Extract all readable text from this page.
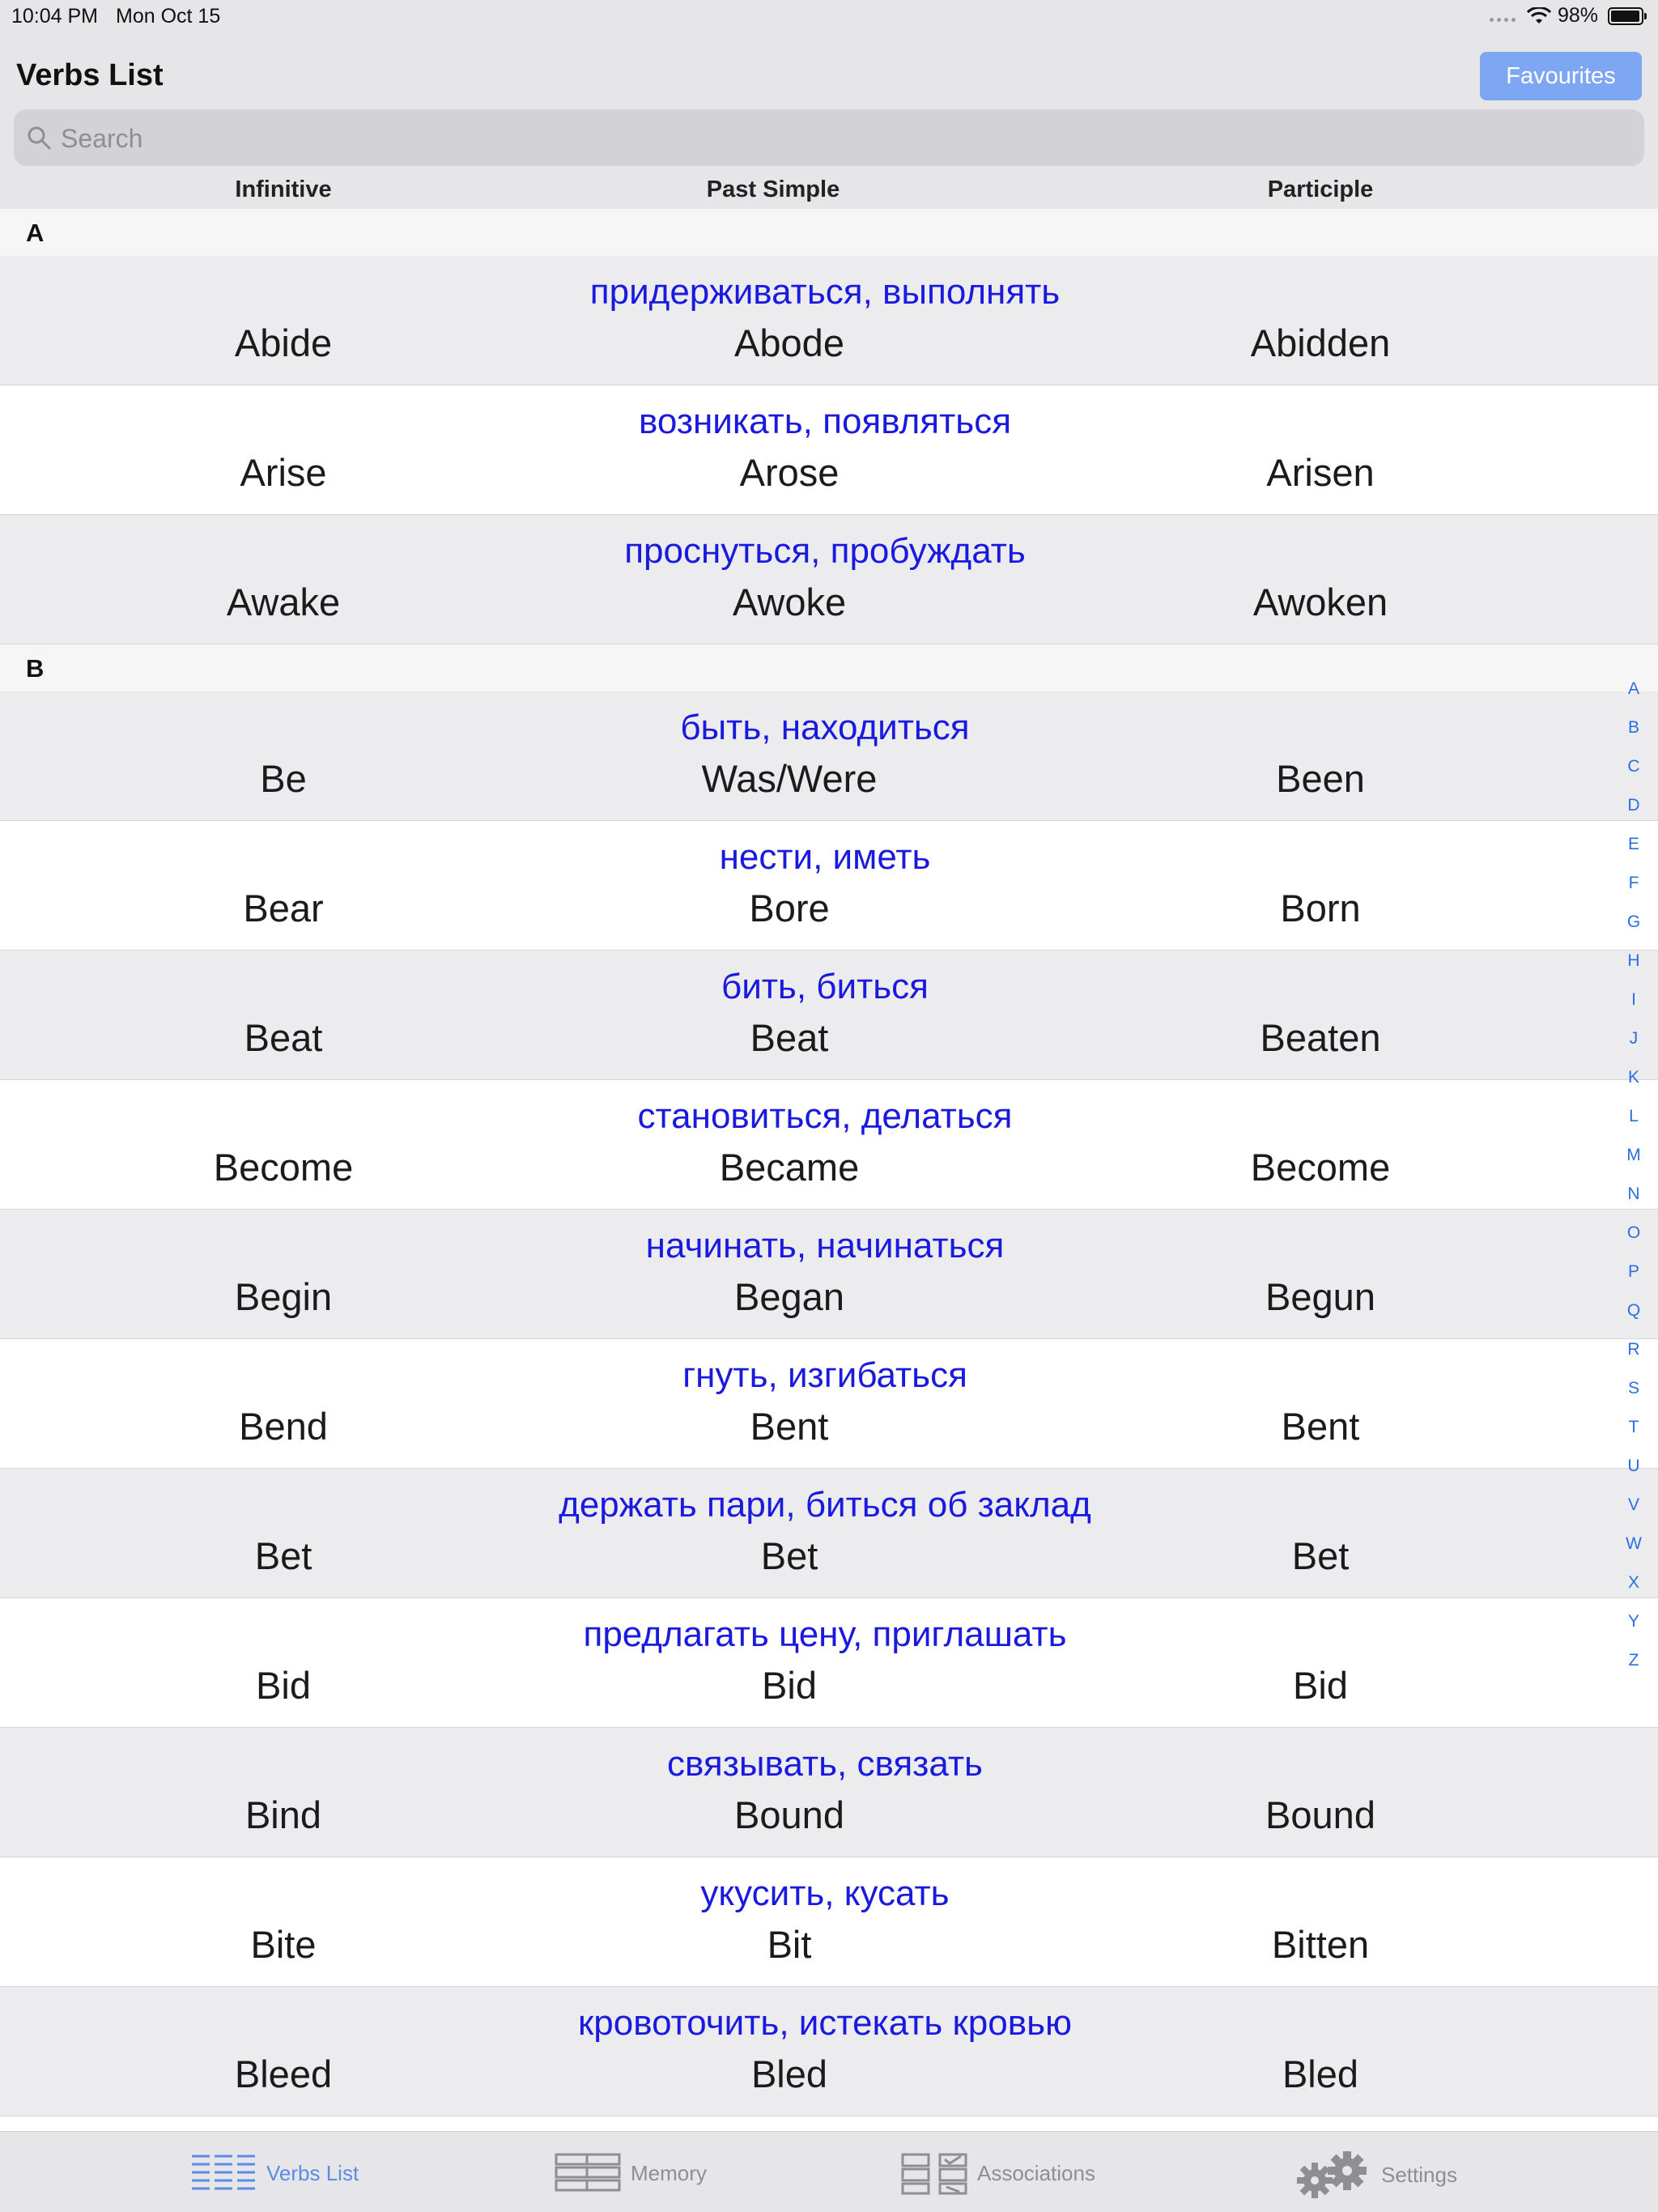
10:04 PM Mon Oct 15	98%
Verbs List	Favourites
Search
Infinitive	Past Simple	Participle
A
придерживаться, выполнять
Abide	Abode	Abidden
возникать, появляться
Arise	Arose	Arisen
проснуться, пробуждать
Awake	Awoke	Awoken
B
быть, находиться
Be	Was/Were	Been
нести, иметь
Bear	Bore	Born
бить, биться
Beat	Beat	Beaten
становиться, делаться
Become	Became	Become
начинать, начинаться
Begin	Began	Begun
гнуть, изгибаться
Bend	Bent	Bent
держать пари, биться об заклад
Bet	Bet	Bet
предлагать цену, приглашать
Bid	Bid	Bid
связывать, связать
Bind	Bound	Bound
укусить, кусать
Bite	Bit	Bitten
кровоточить, истекать кровью
Bleed	Bled	Bled
A
B
C
D
E
F
G
H
I
J
K
L
M
N
O
P
Q
R
S
T
U
V
W
X
Y
Z
Verbs List	Memory	Associations	Settings
